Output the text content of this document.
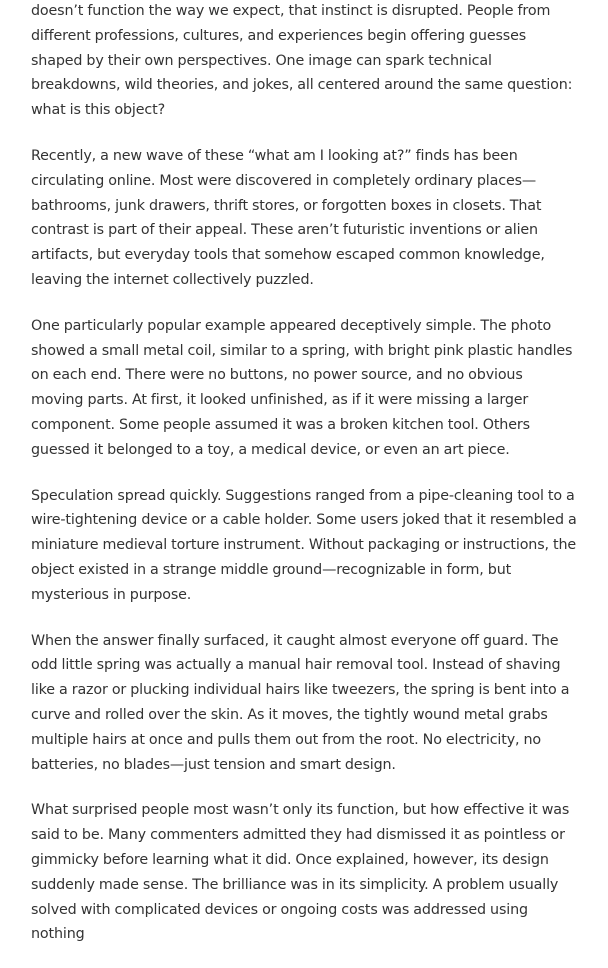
doesn’t function the way we expect, that instinct is disrupted. People from different professions, cultures, and experiences begin offering guesses shaped by their own perspectives. One image can spark technical breakdowns, wild theories, and jokes, all centered around the same question: what is this object?

Recently, a new wave of these “what am I looking at?” finds has been circulating online. Most were discovered in completely ordinary places—bathrooms, junk drawers, thrift stores, or forgotten boxes in closets. That contrast is part of their appeal. These aren’t futuristic inventions or alien artifacts, but everyday tools that somehow escaped common knowledge, leaving the internet collectively puzzled.

One particularly popular example appeared deceptively simple. The photo showed a small metal coil, similar to a spring, with bright pink plastic handles on each end. There were no buttons, no power source, and no obvious moving parts. At first, it looked unfinished, as if it were missing a larger component. Some people assumed it was a broken kitchen tool. Others guessed it belonged to a toy, a medical device, or even an art piece.

Speculation spread quickly. Suggestions ranged from a pipe-cleaning tool to a wire-tightening device or a cable holder. Some users joked that it resembled a miniature medieval torture instrument. Without packaging or instructions, the object existed in a strange middle ground—recognizable in form, but mysterious in purpose.

When the answer finally surfaced, it caught almost everyone off guard. The odd little spring was actually a manual hair removal tool. Instead of shaving like a razor or plucking individual hairs like tweezers, the spring is bent into a curve and rolled over the skin. As it moves, the tightly wound metal grabs multiple hairs at once and pulls them out from the root. No electricity, no batteries, no blades—just tension and smart design.

What surprised people most wasn’t only its function, but how effective it was said to be. Many commenters admitted they had dismissed it as pointless or gimmicky before learning what it did. Once explained, however, its design suddenly made sense. The brilliance was in its simplicity. A problem usually solved with complicated devices or ongoing costs was addressed using nothing
